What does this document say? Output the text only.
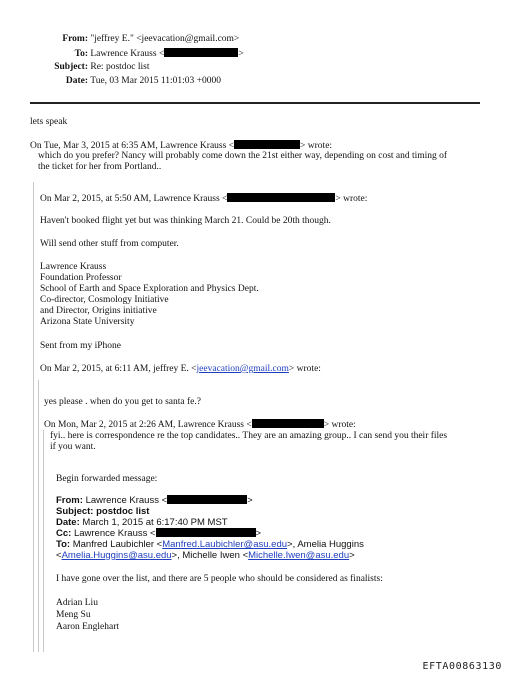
From: "jeffrey E." <jeevacation@gmail.com>
To: Lawrence Krauss <	>
Subject: Re: postdoc list
Date: Tue, 03 Mar 2015 11:01:03 +0000
lets speak
On Tue, Mar 3, 2015 at 6:35 AM, Lawrence Krauss <	> wrote:
which do you prefer? Nancy will probably come down the 21st either way, depending on cost and timing of
the ticket for her from Portland..
On Mar 2, 2015, at 5:50 AM, Lawrence Krauss <	> wrote:
Haven't booked flight yet but was thinking March 21. Could be 20th though.
Will send other stuff from computer.
Lawrence Krauss
Foundation Professor
School of Earth and Space Exploration and Physics Dept.
Co-director, Cosmology Initiative
and Director, Origins initiative
Arizona State University
Sent from my iPhone
On Mar 2, 2015, at 6:11 AM, jeffrey E. <jeevacation@gmail.com> wrote:
yes please . when do you get to santa fe.?
On Mon, Mar 2, 2015 at 2:26 AM, Lawrence Krauss <	> wrote:
fyi.. here is correspondence re the top candidates.. They are an amazing group.. I can send you their files
if you want.
Begin forwarded message:
From: Lawrence Krauss <	>
Subject: postdoc list
Date: March 1, 2015 at 6:17:40 PM MST
Cc: Lawrence Krauss <	>
To: Manfred Laubichler <Manfred.Laubichler@asu.edu>, Amelia Huggins
<Amelia.Huggins@asu.edu>, Michelle Iwen <Michelle.Iwen@asu.edu>
I have gone over the list, and there are 5 people who should be considered as finalists:
Adrian Liu
Meng Su
Aaron Englehart
EFTA00863130
